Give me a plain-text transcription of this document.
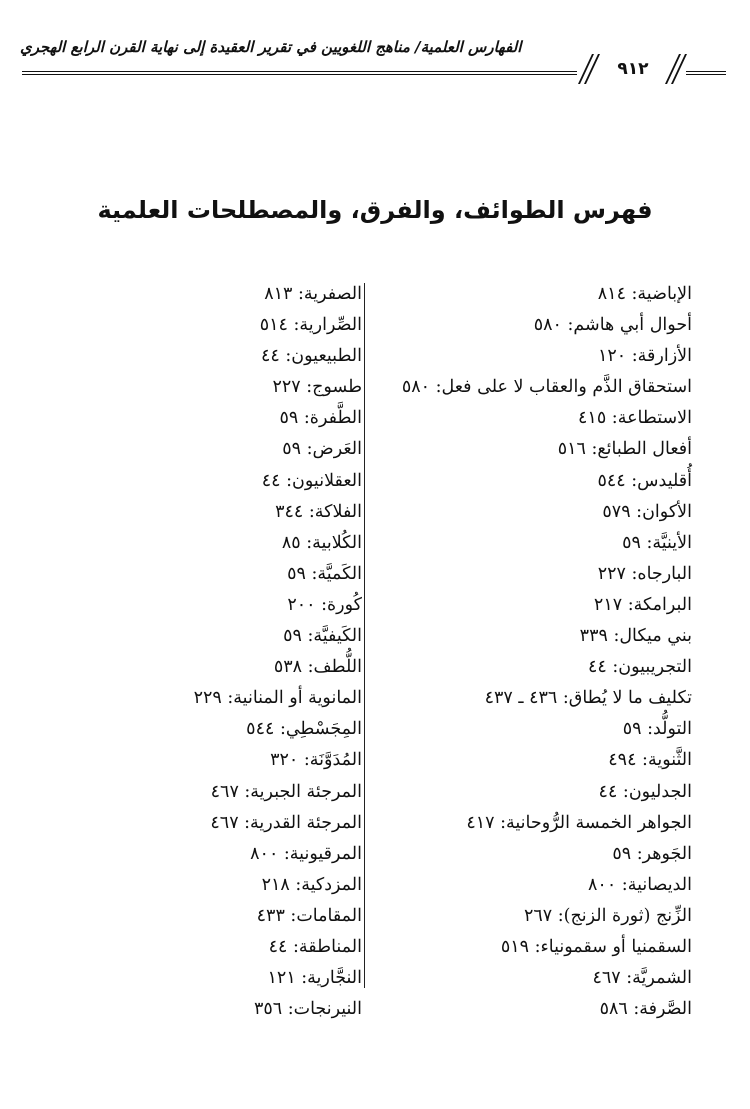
الفهارس العلمية/ مناهج اللغويين في تقرير العقيدة إلى نهاية القرن الرابع الهجري
٩١٢
فهرس الطوائف، والفرق، والمصطلحات العلمية
الإباضية: ٨١٤
أحوال أبي هاشم: ٥٨٠
الأزارقة: ١٢٠
استحقاق الذَّم والعقاب لا على فعل: ٥٨٠
الاستطاعة: ٤١٥
أفعال الطبائع: ٥١٦
أُقليدس: ٥٤٤
الأكوان: ٥٧٩
الأينيَّة: ٥٩
البارجاه: ٢٢٧
البرامكة: ٢١٧
بني ميكال: ٣٣٩
التجريبيون: ٤٤
تكليف ما لا يُطاق: ٤٣٦ ـ ٤٣٧
التولُّد: ٥٩
الثَّنوية: ٤٩٤
الجدليون: ٤٤
الجواهر الخمسة الرُّوحانية: ٤١٧
الجَوهر: ٥٩
الديصانية: ٨٠٠
الزِّنج (ثورة الزنج): ٢٦٧
السقمنيا أو سقمونياء: ٥١٩
الشمريَّة: ٤٦٧
الصَّرفة: ٥٨٦
الصفرية: ٨١٣
الصِّرارية: ٥١٤
الطبيعيون: ٤٤
طسوج: ٢٢٧
الطَّفرة: ٥٩
العَرض: ٥٩
العقلانيون: ٤٤
الفلاكة: ٣٤٤
الكُلابية: ٨٥
الكَميَّة: ٥٩
كُورة: ٢٠٠
الكَيفيَّة: ٥٩
اللُّطف: ٥٣٨
المانوية أو المنانية: ٢٢٩
المِجَسْطِي: ٥٤٤
المُدَوَّنَة: ٣٢٠
المرجئة الجبرية: ٤٦٧
المرجئة القدرية: ٤٦٧
المرقيونية: ٨٠٠
المزدكية: ٢١٨
المقامات: ٤٣٣
المناطقة: ٤٤
النجَّارية: ١٢١
النيرنجات: ٣٥٦
